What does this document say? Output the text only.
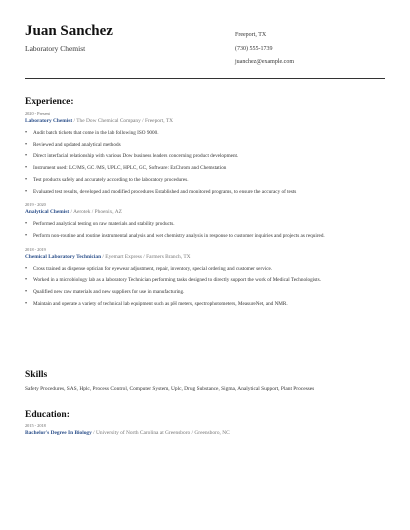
Juan Sanchez
Laboratory Chemist
Freeport, TX
(730) 555-1739
juanchez@example.com
Experience:
2020 - Present
Laboratory Chemist / The Dow Chemical Company / Freeport, TX
• Audit batch tickets that come in the lab following ISO 9000.
• Reviewed and updated analytical methods
• Direct interfacial relationship with various Dow business leaders concerning product development.
• Instrument used: LC/MS, GC /MS, UPLC, HPLC, GC, Software: EzChrom and Chemstation
• Test products safely and accurately according to the laboratory procedures.
• Evaluated test results, developed and modified procedures Established and monitored programs, to ensure the accuracy of tests
2019 - 2020
Analytical Chemist / Aerotek / Phoenix, AZ
• Performed analytical testing on raw materials and stability products.
• Perform non-routine and routine instrumental analysis and wet chemistry analysis in response to customer inquiries and projects as required.
2018 - 2019
Chemical Laboratory Technician / Eyemart Express / Farmers Branch, TX
• Cross trained as dispense optician for eyewear adjustment, repair, inventory, special ordering and customer service.
• Worked in a microbiology lab as a laboratory Technician performing tasks designed to directly support the work of Medical Technologists.
• Qualified new raw materials and new suppliers for use in manufacturing.
• Maintain and operate a variety of technical lab equipment such as pH meters, spectrophotometers, MeasureNet, and NMR.
Skills
Safety Procedures, SAS, Hplc, Process Control, Computer System, Uplc, Drug Substance, Sigma, Analytical Support, Plant Processes
Education:
2015 - 2018
Bachelor's Degree In Biology / University of North Carolina at Greensboro / Greensboro, NC
